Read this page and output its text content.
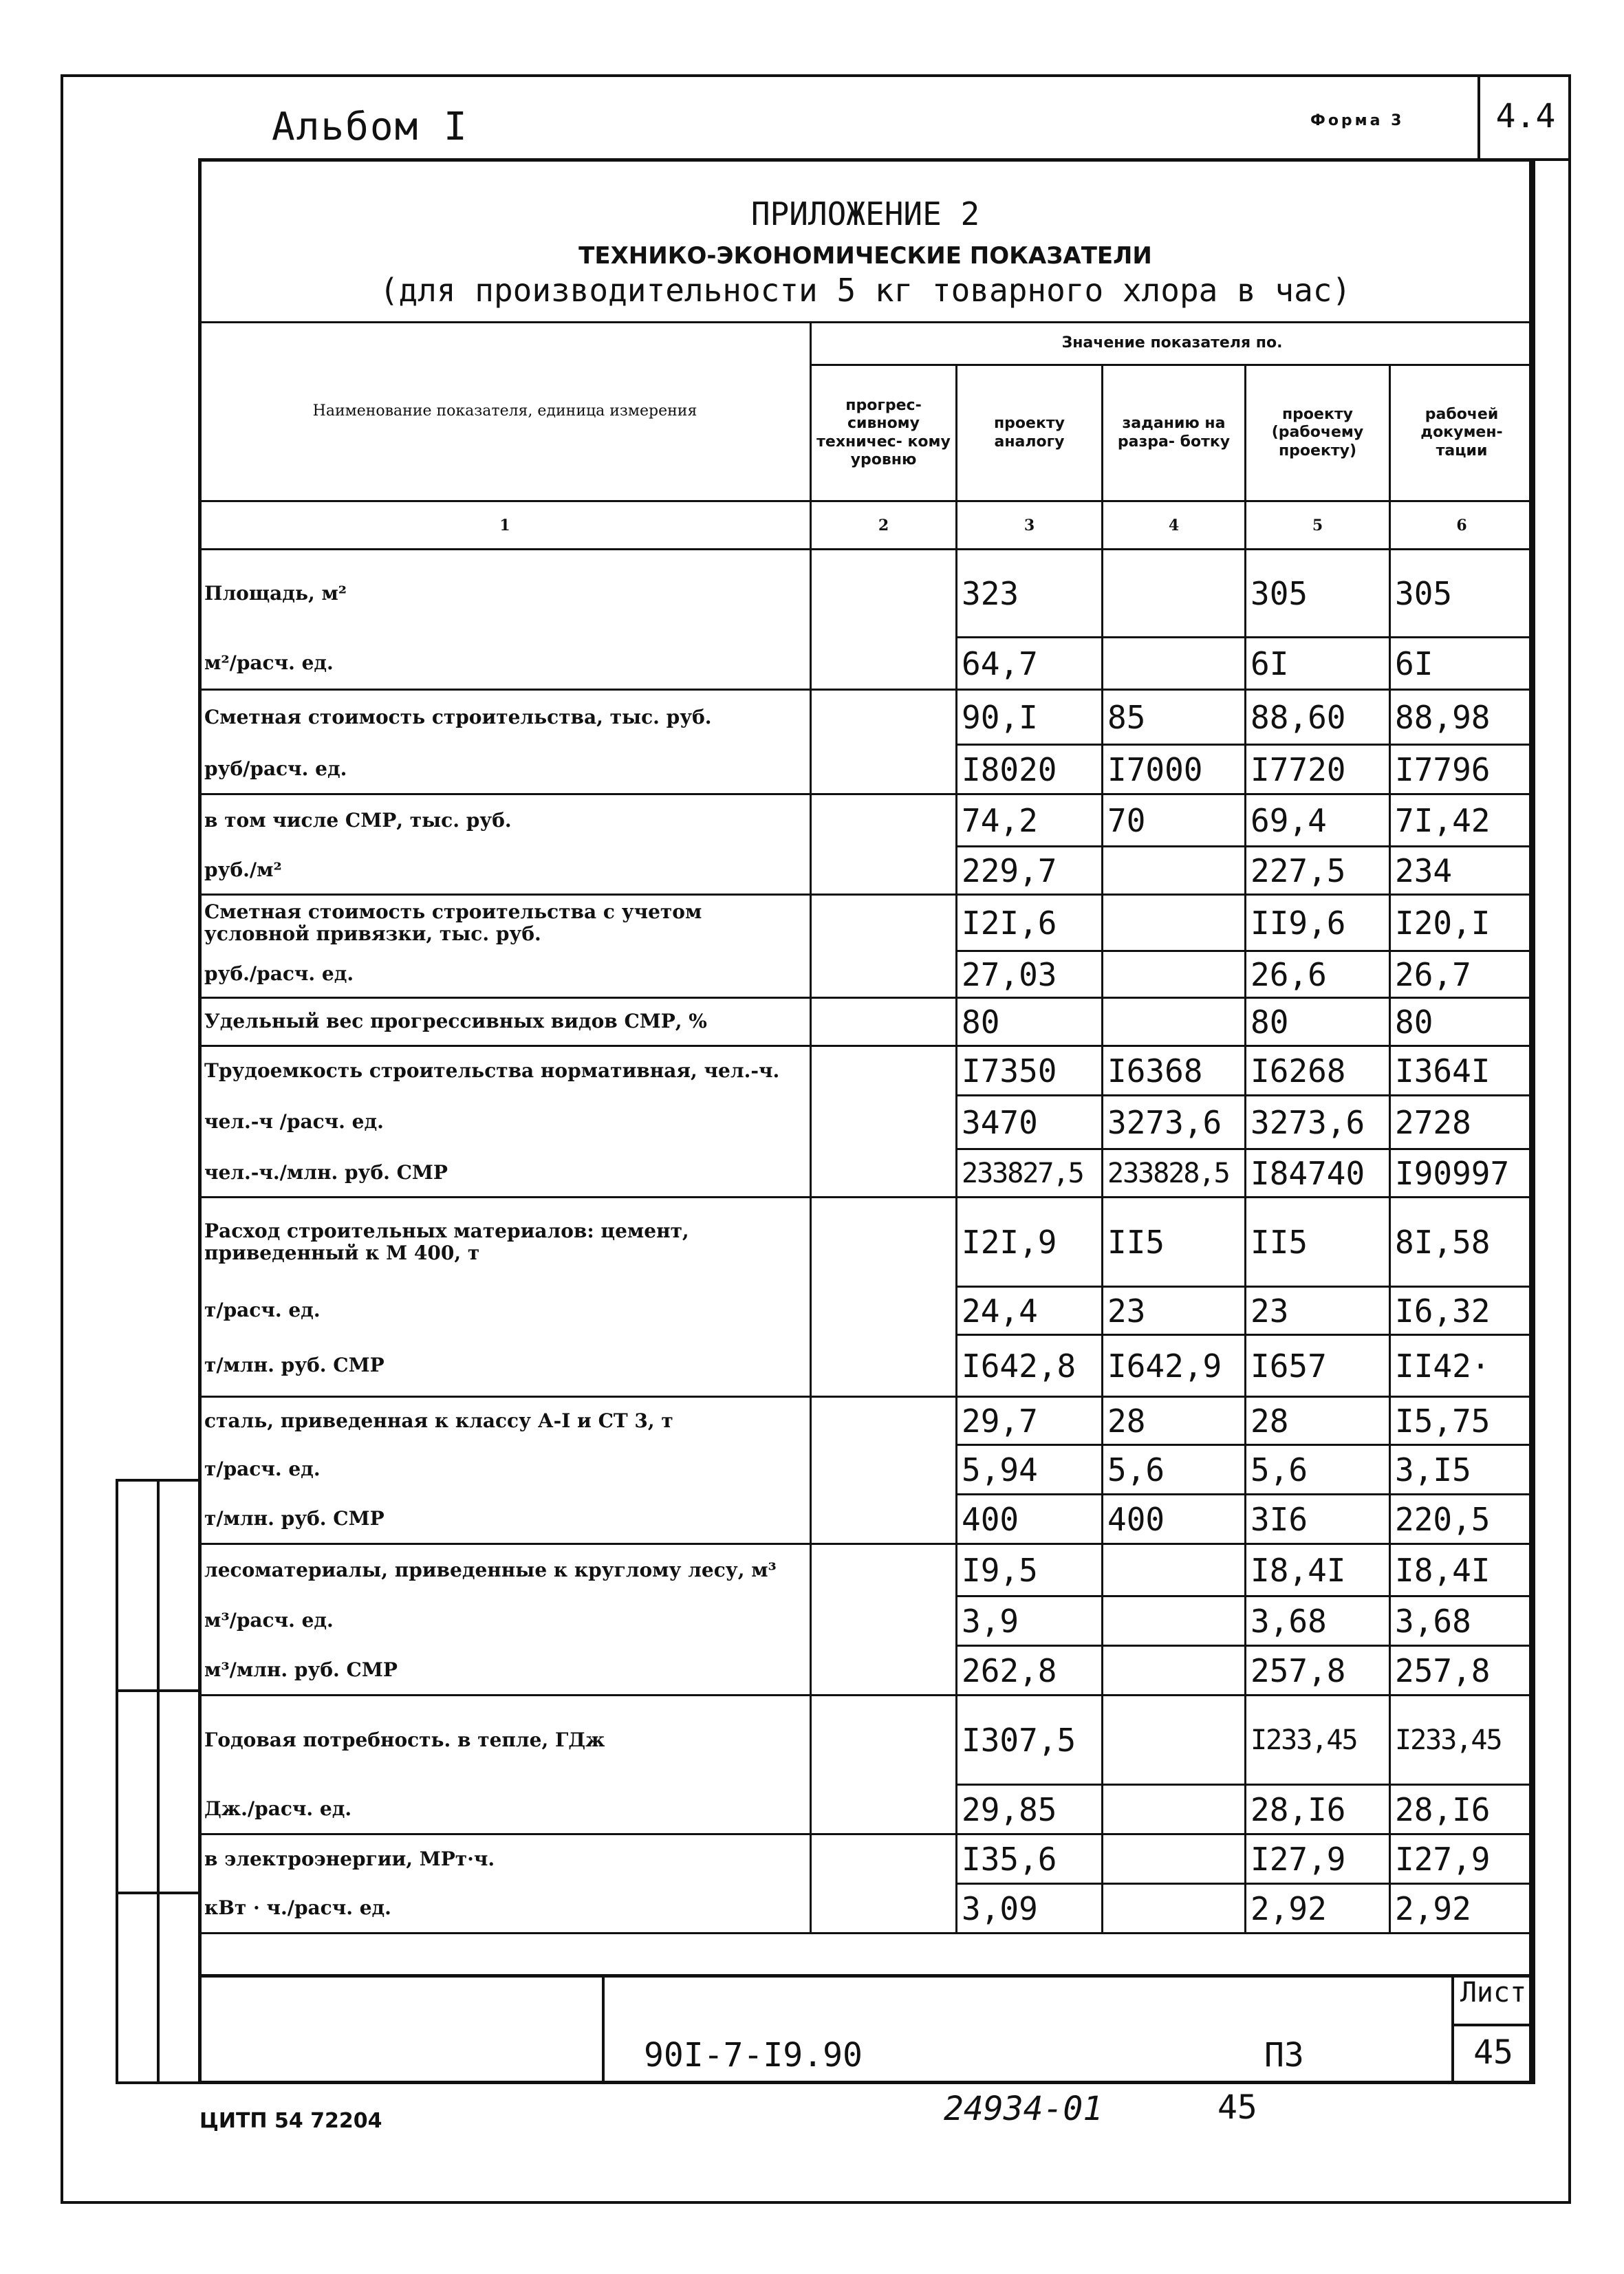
Альбом I	Форма 3	4.4
ПРИЛОЖЕНИЕ 2
ТЕХНИКО-ЭКОНОМИЧЕСКИЕ ПОКАЗАТЕЛИ
(для производительности 5 кг товарного хлора в час)
Наименование показателя, единица измерения	Значение показателя по.				
	прогрес- сивному техничес- кому уровню	проекту аналогу	заданию на разра- ботку	проекту (рабочему проекту)	рабочей докумен- тации
1	2	3	4	5	6
Площадь, м²		323		305	305
м²/расч. ед.		64,7		6I	6I
Сметная стоимость строительства, тыс. руб.		90,I	85	88,60	88,98
руб/расч. ед.		I8020	I7000	I7720	I7796
в том числе СМР, тыс. руб.		74,2	70	69,4	7I,42
руб./м²		229,7		227,5	234
Сметная стоимость строительства с учетом условной привязки, тыс. руб.		I2I,6		II9,6	I20,I
руб./расч. ед.		27,03		26,6	26,7
Удельный вес прогрессивных видов СМР, %		80		80	80
Трудоемкость строительства нормативная, чел.-ч.		I7350	I6368	I6268	I364I
чел.-ч /расч. ед.		3470	3273,6	3273,6	2728
чел.-ч./млн. руб. СМР		233827,5	233828,5	I84740	I90997
Расход строительных материалов: цемент, приведенный к М 400, т		I2I,9	II5	II5	8I,58
т/расч. ед.		24,4	23	23	I6,32
т/млн. руб. СМР		I642,8	I642,9	I657	II42·
сталь, приведенная к классу А-I и СТ 3, т		29,7	28	28	I5,75
т/расч. ед.		5,94	5,6	5,6	3,I5
т/млн. руб. СМР		400	400	3I6	220,5
лесоматериалы, приведенные к круглому лесу, м³		I9,5		I8,4I	I8,4I
м³/расч. ед.		3,9		3,68	3,68
м³/млн. руб. СМР		262,8		257,8	257,8
Годовая потребность. в тепле, ГДж		I307,5		I233,45	I233,45
Дж./расч. ед.		29,85		28,I6	28,I6
в электроэнергии, МРт·ч.		I35,6		I27,9	I27,9
кВт · ч./расч. ед.		3,09		2,92	2,92
90I-7-I9.90	ПЗ
Лист
45
ЦИТП 54 72204	24934-01	45
